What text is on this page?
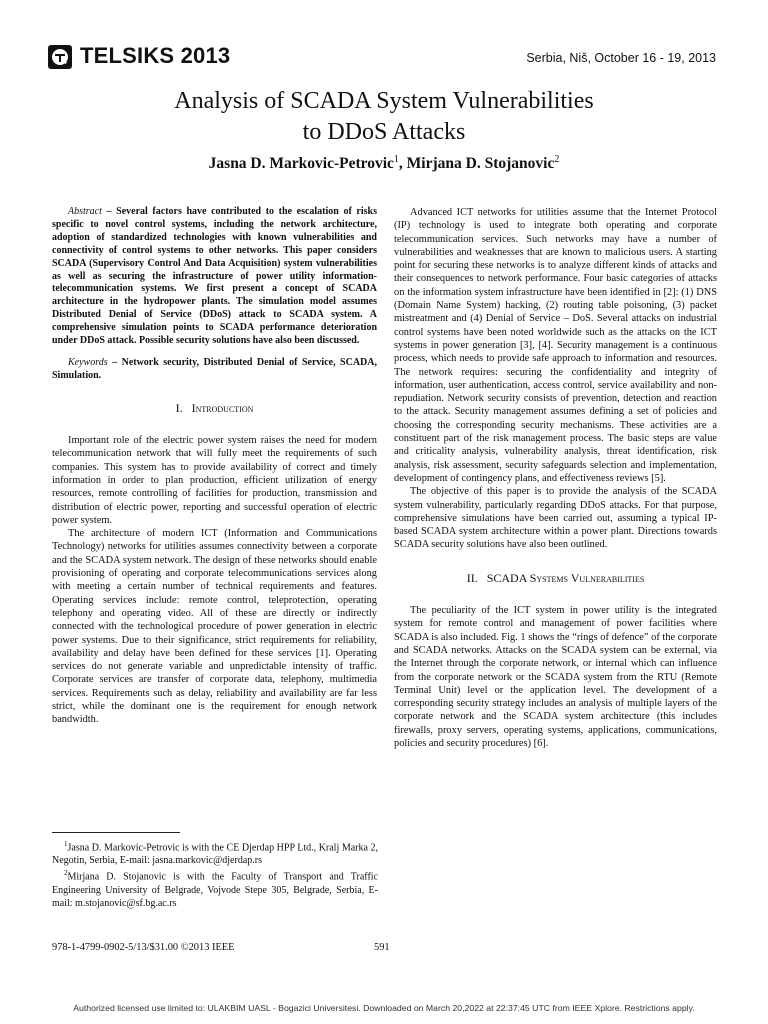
TELSIKS 2013	Serbia, Niš, October 16 - 19, 2013
Analysis of SCADA System Vulnerabilities
to DDoS Attacks

Jasna D. Markovic-Petrovic$^1$, Mirjana D. Stojanovic$^2$

Abstract – Several factors have contributed to the escalation of risks specific to novel control systems, including the network architecture, adoption of standardized technologies with known vulnerabilities and connectivity of control systems to other networks. This paper considers SCADA (Supervisory Control And Data Acquisition) system vulnerabilities as well as securing the infrastructure of power utility information-telecommunication systems. We first present a concept of SCADA architecture in the hydropower plants. The simulation model assumes Distributed Denial of Service (DDoS) attack to SCADA system. A comprehensive simulation points to SCADA performance deterioration under DDoS attack. Possible security solutions have also been discussed.

Keywords – Network security, Distributed Denial of Service, SCADA, Simulation.

I. Introduction

Important role of the electric power system raises the need for modern telecommunication network that will fully meet the requirements of such companies. This system has to provide availability of correct and timely information in order to plan production, efficient utilization of energy resources, remote controlling of facilities for production, transmission and distribution of electric power, reporting and successful operation of electric power system.

The architecture of modern ICT (Information and Communications Technology) networks for utilities assumes connectivity between a corporate and the SCADA system network. The design of these networks should enable provisioning of operating and corporate telecommunications services along with meeting a certain number of technical requirements and features. Operating services include: remote control, teleprotection, operating telephony and operating video. All of these are directly or indirectly connected with the technological procedure of power generation in electric power systems. Due to their significance, strict requirements for reliability, availability and delay have been defined for these services [1]. Operating services do not generate variable and unpredictable intensity of traffic. Corporate services are transfer of corporate data, telephony, multimedia services. Requirements such as delay, reliability and availability are far less strict, while the dominant one is the requirement for enough network bandwidth.

$^1$Jasna D. Markovic-Petrovic is with the CE Djerdap HPP Ltd., Kralj Marka 2, Negotin, Serbia, E-mail: jasna.markovic@djerdap.rs

$^2$Mirjana D. Stojanovic is with the Faculty of Transport and Traffic Engineering University of Belgrade, Vojvode Stepe 305, Belgrade, Serbia, E-mail: m.stojanovic@sf.bg.ac.rs

Advanced ICT networks for utilities assume that the Internet Protocol (IP) technology is used to integrate both operating and corporate telecommunication services. Such networks may have a number of vulnerabilities and weaknesses that are known to malicious users. A starting point for securing these networks is to analyze different kinds of attacks and their consequences to network performance. Four basic categories of attacks on the information system infrastructure have been identified in [2]: (1) DNS (Domain Name System) hacking, (2) routing table poisoning, (3) packet mistreatment and (4) Denial of Service – DoS. Several attacks on industrial control systems have been noted worldwide such as the attacks on the ICT systems in power generation [3], [4]. Security management is a continuous process, which needs to provide safe approach to information and resources. The network requires: securing the confidentiality and integrity of information, user authentication, access control, service availability and non-repudiation. Network security consists of prevention, detection and reaction to the attack. Security management assumes defining a set of policies and choosing the corresponding security mechanisms. These activities are a constituent part of the risk management process. The basic steps are value and criticality analysis, vulnerability analysis, threat identification, risk analysis, risk assessment, security safeguards selection and implementation, development of contingency plans, and effectiveness reviews [5].

The objective of this paper is to provide the analysis of the SCADA system vulnerability, particularly regarding DDoS attacks. For that purpose, comprehensive simulations have been carried out, assuming a typical IP-based SCADA system architecture within a power plant. Directions towards SCADA security solutions have also been outlined.

II. SCADA Systems Vulnerabilities

The peculiarity of the ICT system in power utility is the integrated system for remote control and management of power facilities where SCADA is also included. Fig. 1 shows the “rings of defence” of the corporate and SCADA networks. Attacks on the SCADA system can be external, via the Internet through the corporate network, or internal which can influence from the corporate network or the SCADA system from the RTU (Remote Terminal Unit) level or the application level. The development of a corresponding security strategy includes an analysis of multiple layers of the corporate network and the SCADA system architecture (this includes firewalls, proxy servers, operating systems, applications, communications, policies and security procedures) [6].

978-1-4799-0902-5/13/$31.00 ©2013 IEEE	591
Authorized licensed use limited to: ULAKBIM UASL - Bogazici Universitesi. Downloaded on March 20,2022 at 22:37:45 UTC from IEEE Xplore. Restrictions apply.
